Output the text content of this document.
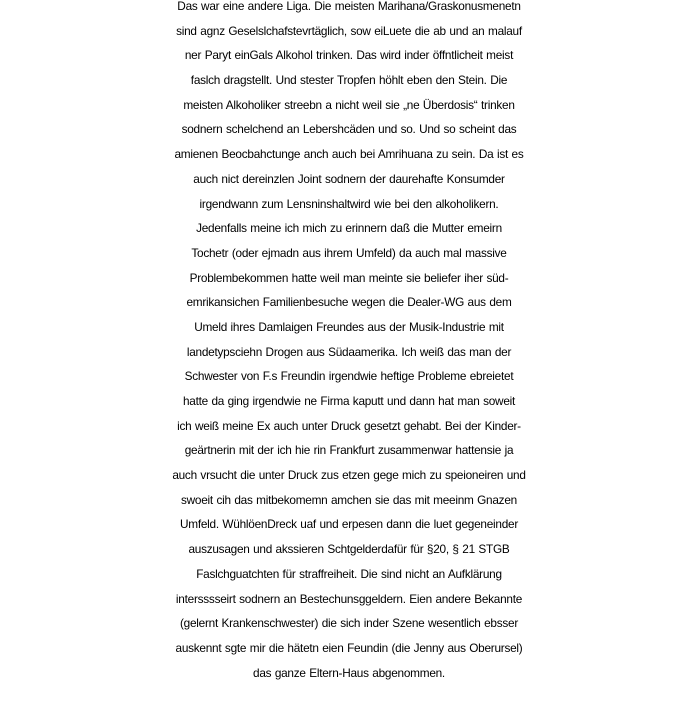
Das war eine andere Liga. Die meisten Marihana/Graskonusmenetn
sind agnz Geselslchafstevrtäglich, sow eiLuete die ab und an malauf
ner Paryt einGals Alkohol trinken. Das wird inder öffntlicheit meist
faslch dragstellt. Und stester Tropfen höhlt eben den Stein. Die
meisten Alkoholiker streebn a nicht weil sie „ne Überdosis“ trinken
sodnern schelchend an Lebershcäden und so. Und so scheint das
amienen Beocbahctunge anch auch bei Amrihuana zu sein. Da ist es
auch nict dereinzlen Joint sodnern der daurehafte Konsumder
irgendwann zum Lensninshaltwird wie bei den alkoholikern.
Jedenfalls meine ich mich zu erinnern daß die Mutter emeirn
Tochetr (oder ejmadn aus ihrem Umfeld) da auch mal massive
Problembekommen hatte weil man meinte sie beliefer iher süd-
emrikansichen Familienbesuche wegen die Dealer-WG aus dem
Umeld ihres Damlaigen Freundes aus der Musik-Industrie mit
landetypsciehn Drogen aus Südaamerika. Ich weiß das man der
Schwester von F.s Freundin irgendwie heftige Probleme ebreietet
hatte da ging irgendwie ne Firma kaputt und dann hat man soweit
ich weiß meine Ex auch unter Druck gesetzt gehabt. Bei der Kinder-
geärtnerin mit der ich hie rin Frankfurt zusammenwar hattensie ja
auch vrsucht die unter Druck zus etzen gege mich zu speioneiren und
swoeit cih das mitbekomemn amchen sie das mit meeinm Gnazen
Umfeld. WühlöenDreck uaf und erpesen dann die luet gegeneinder
auszusagen und akssieren Schtgelderdafür für §20, § 21 STGB
Faslchguatchten für straffreiheit. Die sind nicht an Aufklärung
intersssseirt sodnern an Bestechunsggeldern. Eien andere Bekannte
(gelernt Krankenschwester) die sich inder Szene wesentlich ebsser
auskennt sgte mir die hätetn eien Feundin (die Jenny aus Oberursel)
das ganze Eltern-Haus abgenommen.
